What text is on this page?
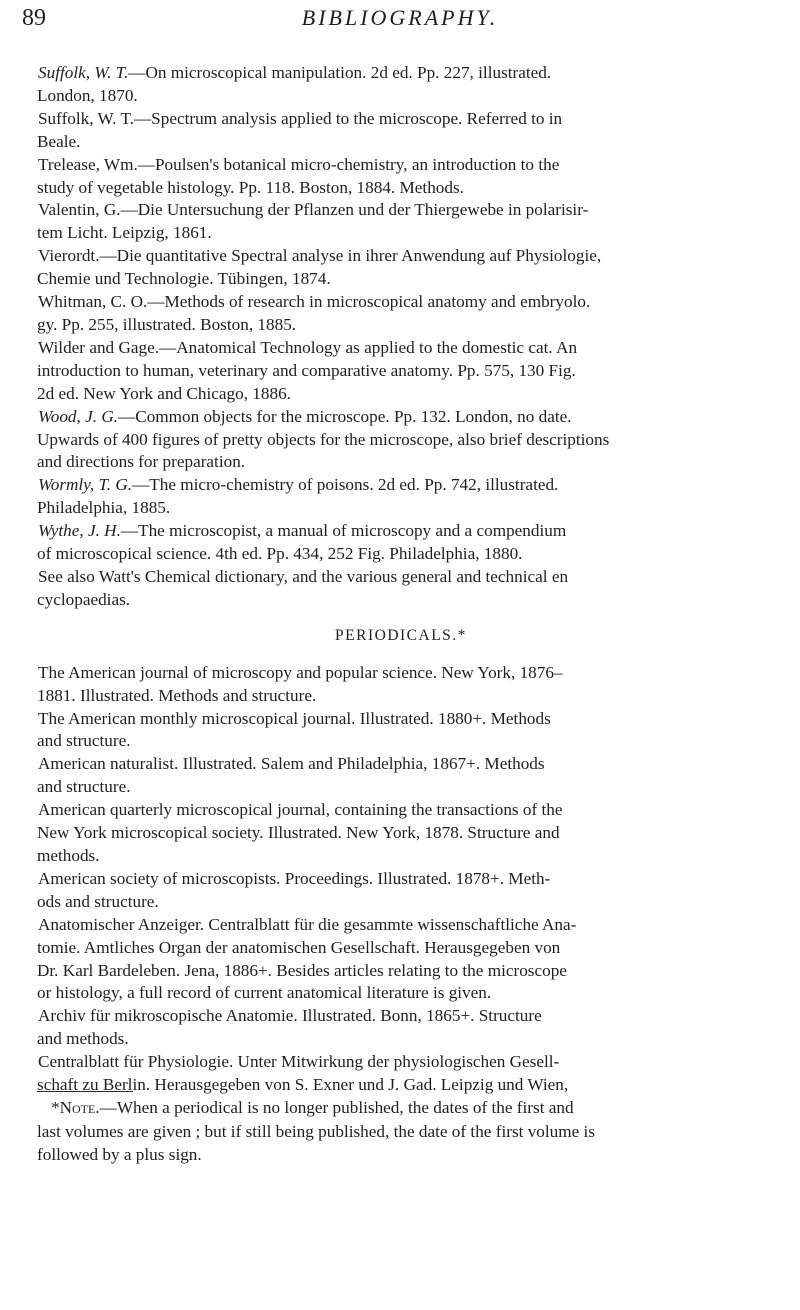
89	BIBLIOGRAPHY.
Suffolk, W. T.—On microscopical manipulation. 2d ed. Pp. 227, illustrated.
London, 1870.
Suffolk, W. T.—Spectrum analysis applied to the microscope. Referred to in
Beale.
Trelease, Wm.—Poulsen's botanical micro-chemistry, an introduction to the
study of vegetable histology. Pp. 118. Boston, 1884. Methods.
Valentin, G.—Die Untersuchung der Pflanzen und der Thiergewebe in polarisir-
tem Licht. Leipzig, 1861.
Vierordt.—Die quantitative Spectral analyse in ihrer Anwendung auf Physiologie,
Chemie und Technologie. Tübingen, 1874.
Whitman, C. O.—Methods of research in microscopical anatomy and embryolo.
gy. Pp. 255, illustrated. Boston, 1885.
Wilder and Gage.—Anatomical Technology as applied to the domestic cat. An
introduction to human, veterinary and comparative anatomy. Pp. 575, 130 Fig.
2d ed. New York and Chicago, 1886.
Wood, J. G.—Common objects for the microscope. Pp. 132. London, no date.
Upwards of 400 figures of pretty objects for the microscope, also brief descriptions
and directions for preparation.
Wormly, T. G.—The micro-chemistry of poisons. 2d ed. Pp. 742, illustrated.
Philadelphia, 1885.
Wythe, J. H.—The microscopist, a manual of microscopy and a compendium
of microscopical science. 4th ed. Pp. 434, 252 Fig. Philadelphia, 1880.
See also Watt's Chemical dictionary, and the various general and technical en
cyclopaedias.
PERIODICALS.*
The American journal of microscopy and popular science. New York, 1876–
1881. Illustrated. Methods and structure.
The American monthly microscopical journal. Illustrated. 1880+. Methods
and structure.
American naturalist. Illustrated. Salem and Philadelphia, 1867+. Methods
and structure.
American quarterly microscopical journal, containing the transactions of the
New York microscopical society. Illustrated. New York, 1878. Structure and
methods.
American society of microscopists. Proceedings. Illustrated. 1878+. Meth-
ods and structure.
Anatomischer Anzeiger. Centralblatt für die gesammte wissenschaftliche Ana-
tomie. Amtliches Organ der anatomischen Gesellschaft. Herausgegeben von
Dr. Karl Bardeleben. Jena, 1886+. Besides articles relating to the microscope
or histology, a full record of current anatomical literature is given.
Archiv für mikroscopische Anatomie. Illustrated. Bonn, 1865+. Structure
and methods.
Centralblatt für Physiologie. Unter Mitwirkung der physiologischen Gesell-
schaft zu Berlin. Herausgegeben von S. Exner und J. Gad. Leipzig und Wien,
*Note.—When a periodical is no longer published, the dates of the first and
last volumes are given ; but if still being published, the date of the first volume is
followed by a plus sign.
